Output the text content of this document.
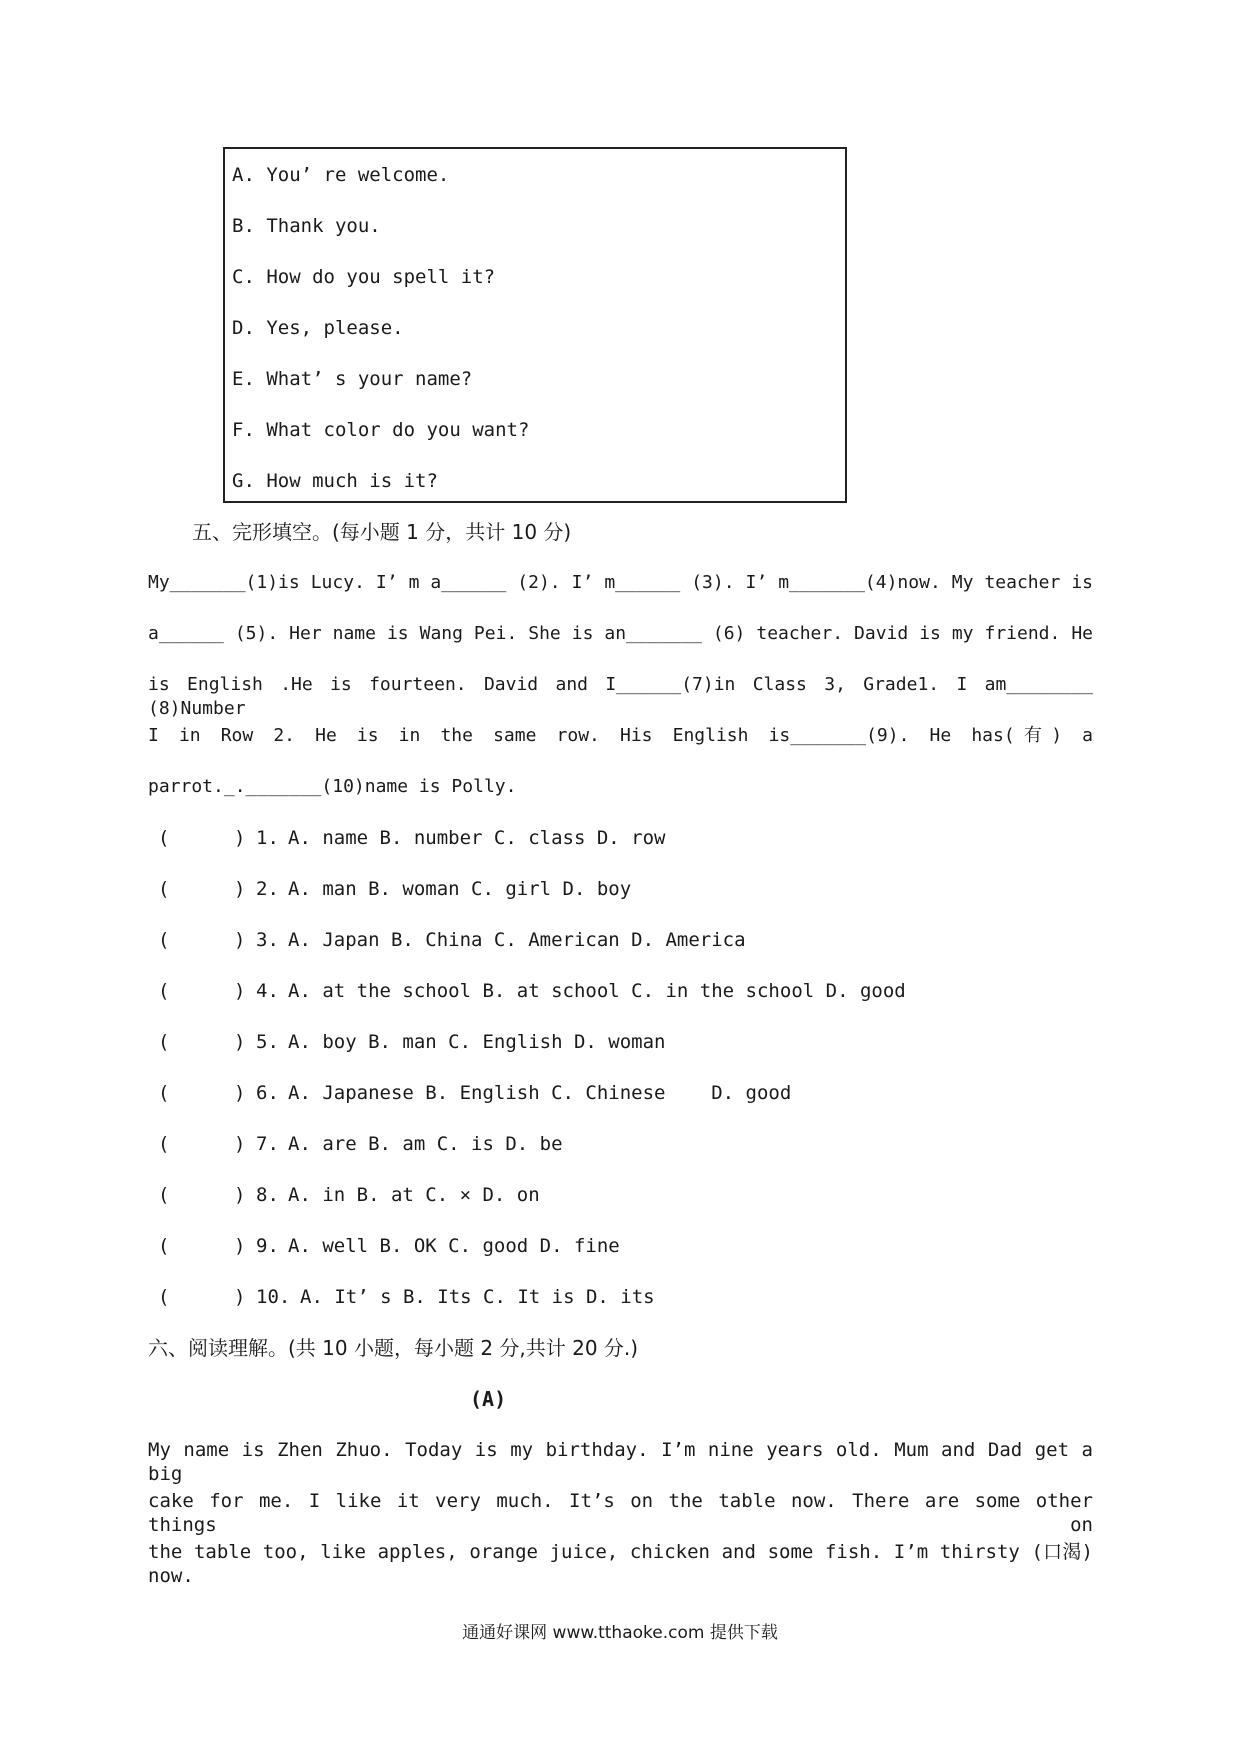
A. You’ re welcome.
B. Thank you.
C. How do you spell it?
D. Yes, please.
E. What’ s your name?
F. What color do you want?
G. How much is it?
五、完形填空。(每小题 1 分，共计 10 分)
My_______(1)is Lucy. I’ m a______ (2). I’ m______ (3). I’ m_______(4)now. My teacher is
a______ (5). Her name is Wang Pei. She is an_______ (6) teacher. David is my friend. He
is English .He is fourteen. David and I______(7)in Class 3, Grade1. I am________ (8)Number
I in Row 2. He is in the same row. His English is_______(9). He has(有) a
parrot._._______(10)name is Polly.
(	) 1. A. name B. number C. class D. row
(	) 2. A. man B. woman C. girl D. boy
(	) 3. A. Japan B. China C. American D. America
(	) 4. A. at the school B. at school C. in the school D. good
(	) 5. A. boy B. man C. English D. woman
(	) 6. A. Japanese B. English C. Chinese    D. good
(	) 7. A. are B. am C. is D. be
(	) 8. A. in B. at C. × D. on
(	) 9. A. well B. OK C. good D. fine
(	) 10. A. It’ s B. Its C. It is D. its
六、阅读理解。(共 10 小题，每小题 2 分,共计 20 分.)
(A)
My name is Zhen Zhuo. Today is my birthday. I’m nine years old. Mum and Dad get a big
cake for me. I like it very much. It’s on the table now. There are some other things on
the table too, like apples, orange juice, chicken and some fish. I’m thirsty (口渴) now.
通通好课网 www.tthaoke.com 提供下载
